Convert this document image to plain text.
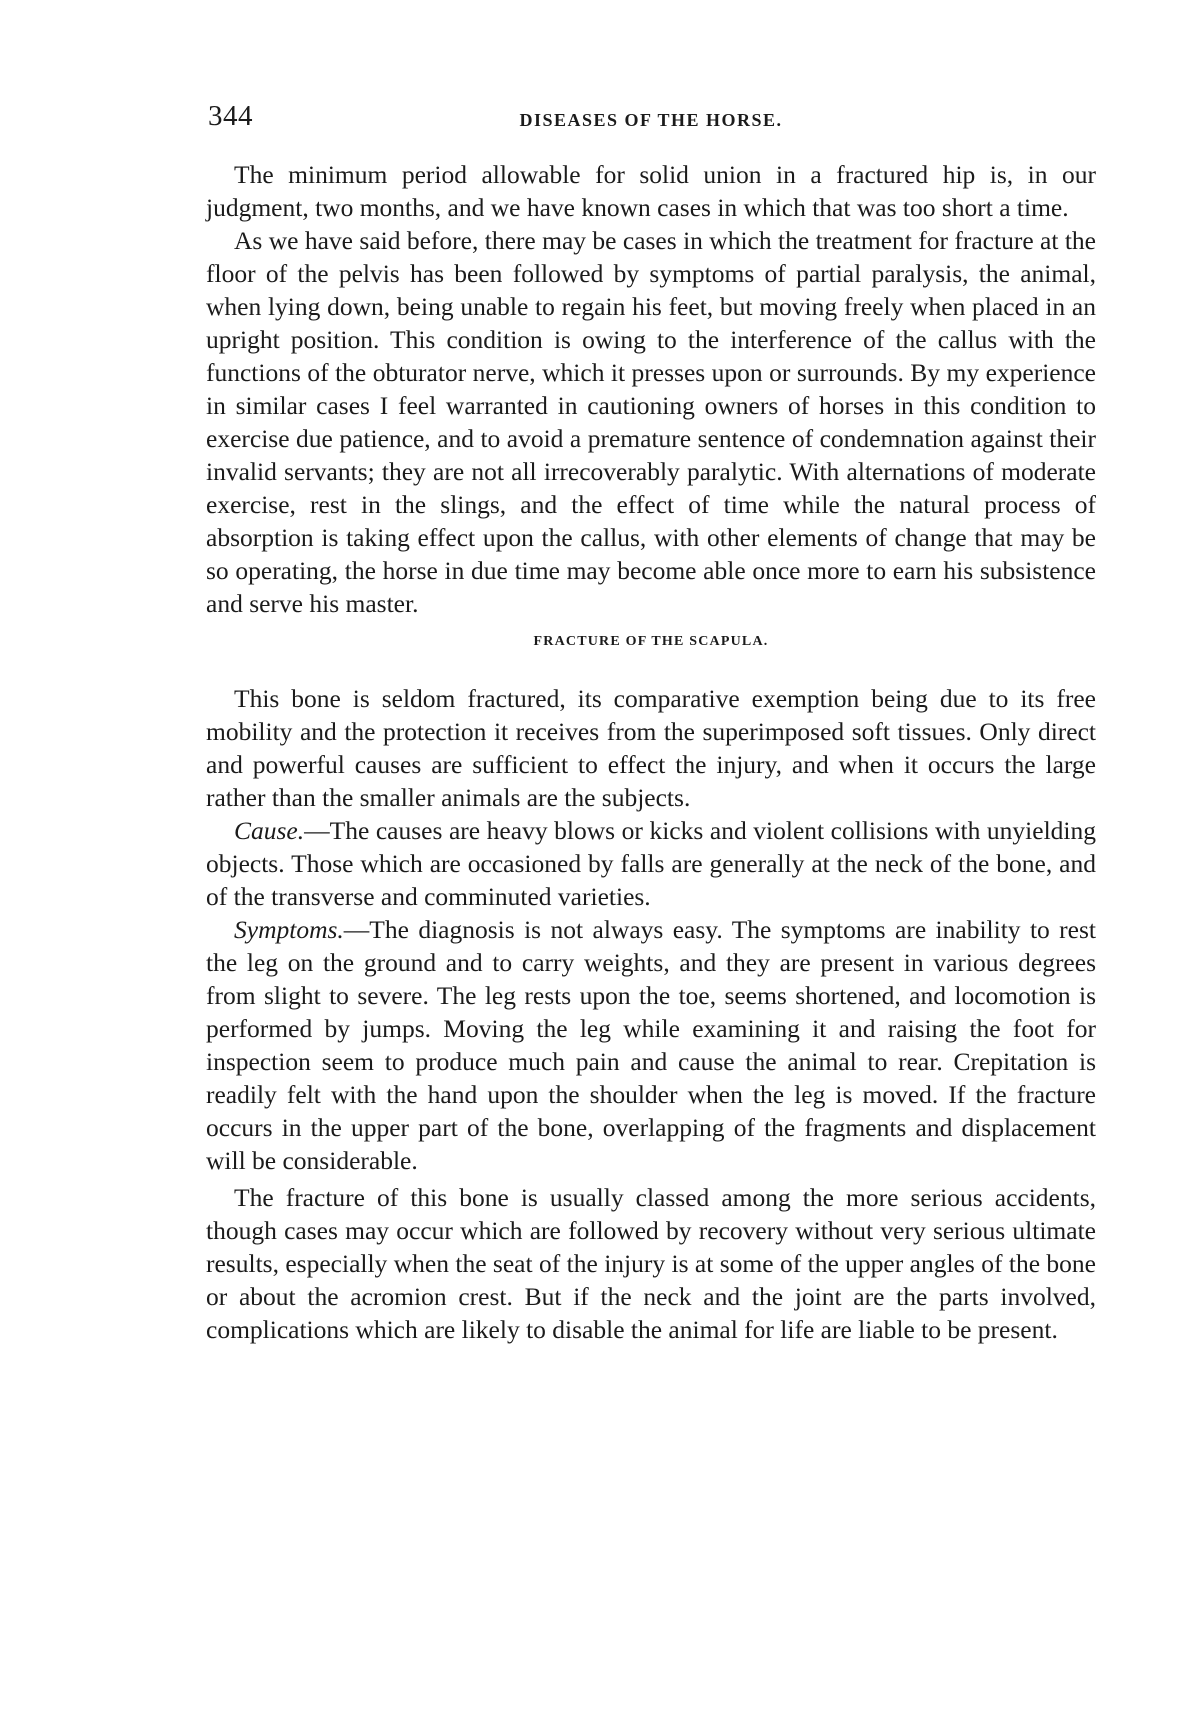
344	DISEASES OF THE HORSE.

The minimum period allowable for solid union in a fractured hip is, in our judgment, two months, and we have known cases in which that was too short a time.

As we have said before, there may be cases in which the treatment for fracture at the floor of the pelvis has been followed by symptoms of partial paralysis, the animal, when lying down, being unable to regain his feet, but moving freely when placed in an upright position. This condition is owing to the interference of the callus with the functions of the obturator nerve, which it presses upon or surrounds. By my experience in similar cases I feel warranted in cautioning owners of horses in this condition to exercise due patience, and to avoid a premature sentence of condemnation against their invalid servants; they are not all irrecoverably paralytic. With alternations of moderate exercise, rest in the slings, and the effect of time while the natural process of absorption is taking effect upon the callus, with other elements of change that may be so operating, the horse in due time may become able once more to earn his subsistence and serve his master.

FRACTURE OF THE SCAPULA.

This bone is seldom fractured, its comparative exemption being due to its free mobility and the protection it receives from the superimposed soft tissues. Only direct and powerful causes are sufficient to effect the injury, and when it occurs the large rather than the smaller animals are the subjects.

Cause.—The causes are heavy blows or kicks and violent collisions with unyielding objects. Those which are occasioned by falls are generally at the neck of the bone, and of the transverse and comminuted varieties.

Symptoms.—The diagnosis is not always easy. The symptoms are inability to rest the leg on the ground and to carry weights, and they are present in various degrees from slight to severe. The leg rests upon the toe, seems shortened, and locomotion is performed by jumps. Moving the leg while examining it and raising the foot for inspection seem to produce much pain and cause the animal to rear. Crepitation is readily felt with the hand upon the shoulder when the leg is moved. If the fracture occurs in the upper part of the bone, overlapping of the fragments and displacement will be considerable.

The fracture of this bone is usually classed among the more serious accidents, though cases may occur which are followed by recovery without very serious ultimate results, especially when the seat of the injury is at some of the upper angles of the bone or about the acromion crest. But if the neck and the joint are the parts involved, complications which are likely to disable the animal for life are liable to be present.
